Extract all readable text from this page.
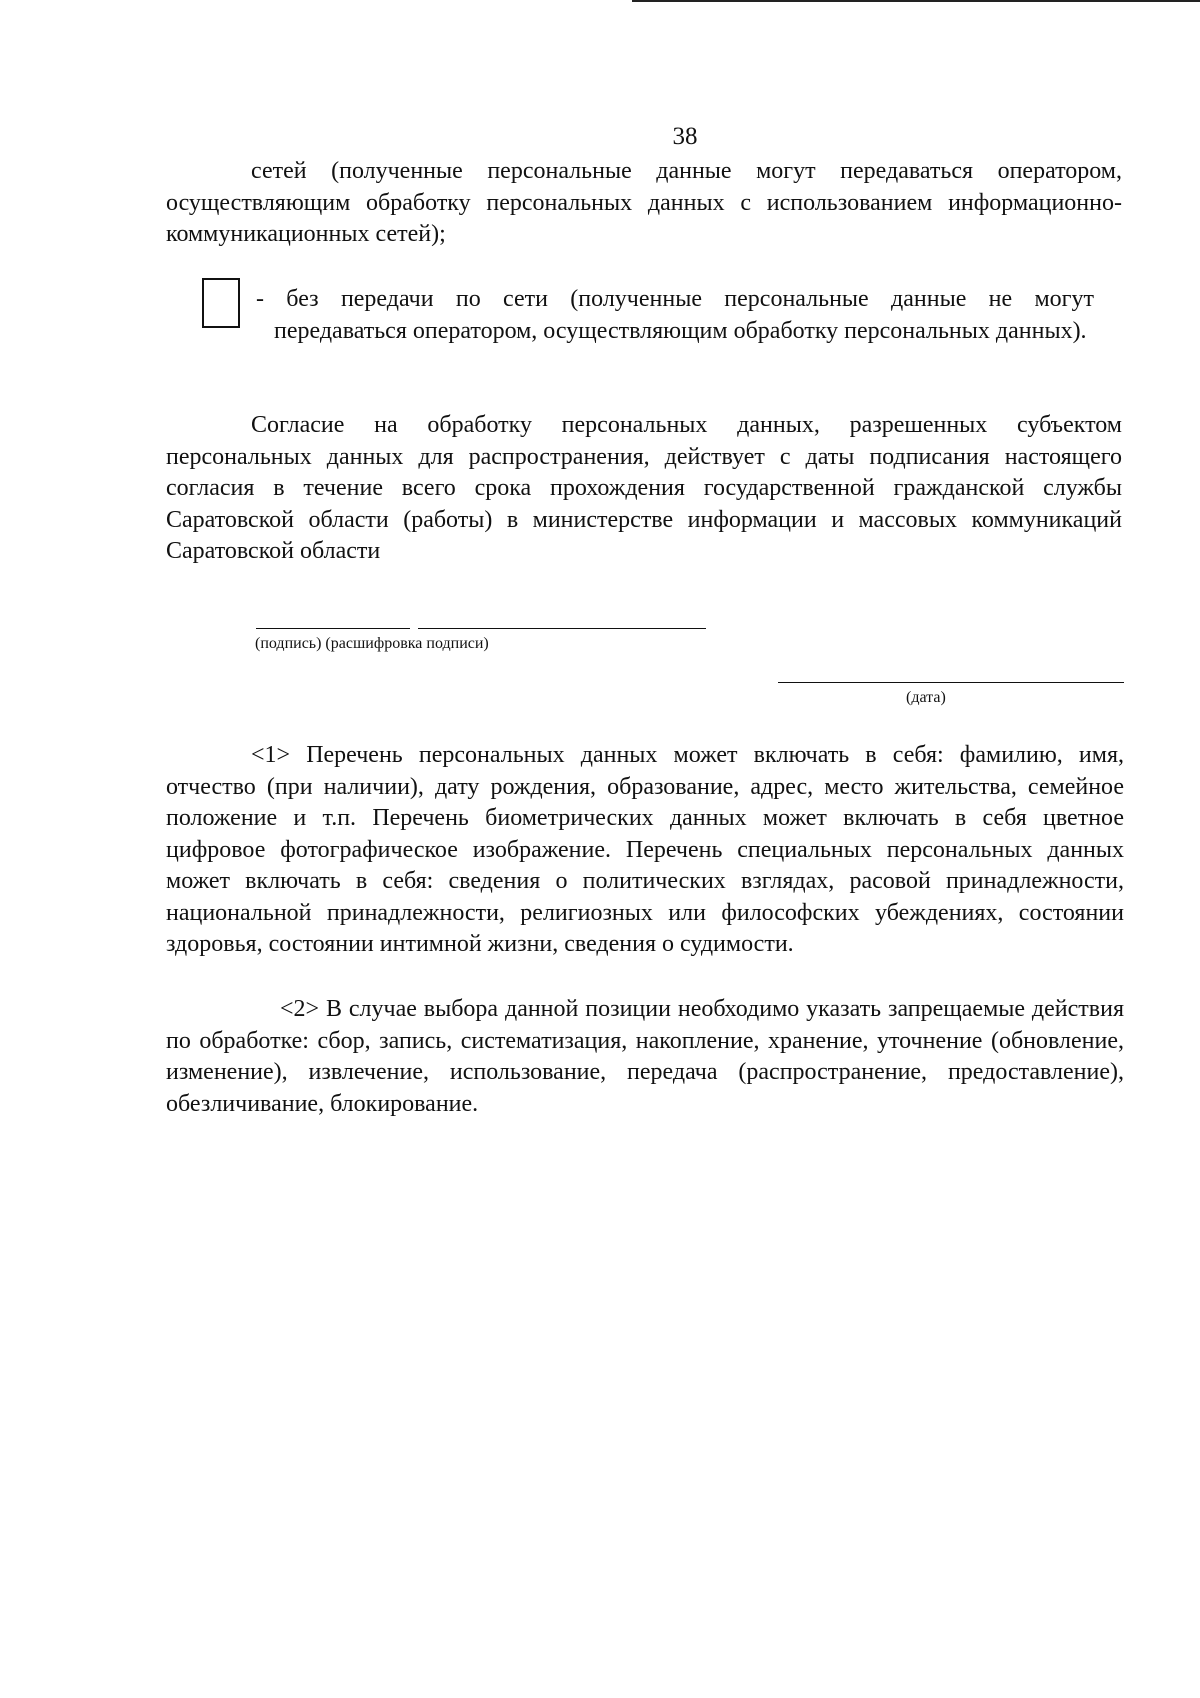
38

сетей (полученные персональные данные могут передаваться оператором, осуществляющим обработку персональных данных с использованием информационно-коммуникационных сетей);

- без передачи по сети (полученные персональные данные не могут
передаваться оператором, осуществляющим обработку персональных данных).

Согласие на обработку персональных данных, разрешенных субъектом персональных данных для распространения, действует с даты подписания настоящего согласия в течение всего срока прохождения государственной гражданской службы Саратовской области (работы) в министерстве информации и массовых коммуникаций Саратовской области

(подпись) (расшифровка подписи)
(дата)

<1> Перечень персональных данных может включать в себя: фамилию, имя, отчество (при наличии), дату рождения, образование, адрес, место жительства, семейное положение и т.п. Перечень биометрических данных может включать в себя цветное цифровое фотографическое изображение. Перечень специальных персональных данных может включать в себя: сведения о политических взглядах, расовой принадлежности, национальной принадлежности, религиозных или философских убеждениях, состоянии здоровья, состоянии интимной жизни, сведения о судимости.

<2> В случае выбора данной позиции необходимо указать запрещаемые действия по обработке: сбор, запись, систематизация, накопление, хранение, уточнение (обновление, изменение), извлечение, использование, передача (распространение, предоставление), обезличивание, блокирование.
